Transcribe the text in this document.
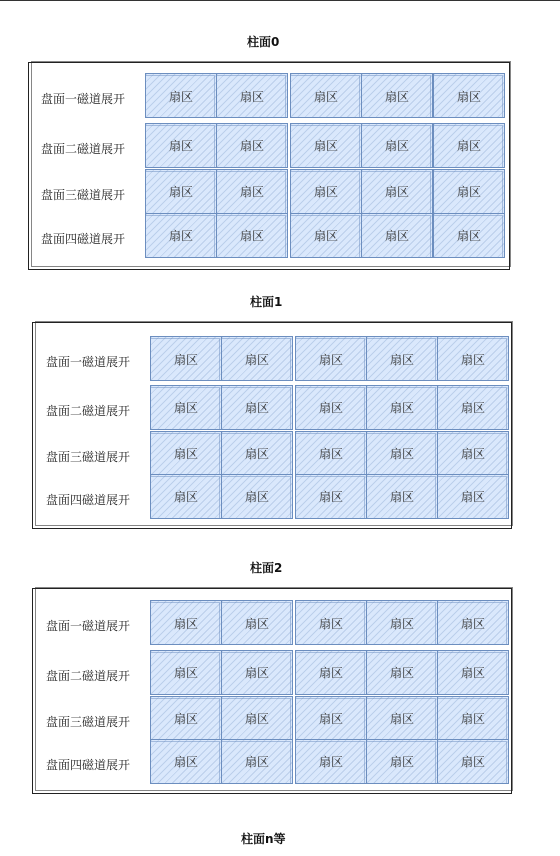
柱面0
盘面一磁道展开	扇区	扇区	扇区	扇区	扇区
盘面二磁道展开	扇区	扇区	扇区	扇区	扇区
盘面三磁道展开	扇区	扇区	扇区	扇区	扇区
盘面四磁道展开	扇区	扇区	扇区	扇区	扇区
柱面1
盘面一磁道展开	扇区	扇区	扇区	扇区	扇区
盘面二磁道展开	扇区	扇区	扇区	扇区	扇区
盘面三磁道展开	扇区	扇区	扇区	扇区	扇区
盘面四磁道展开	扇区	扇区	扇区	扇区	扇区
柱面2
盘面一磁道展开	扇区	扇区	扇区	扇区	扇区
盘面二磁道展开	扇区	扇区	扇区	扇区	扇区
盘面三磁道展开	扇区	扇区	扇区	扇区	扇区
盘面四磁道展开	扇区	扇区	扇区	扇区	扇区
柱面n等
